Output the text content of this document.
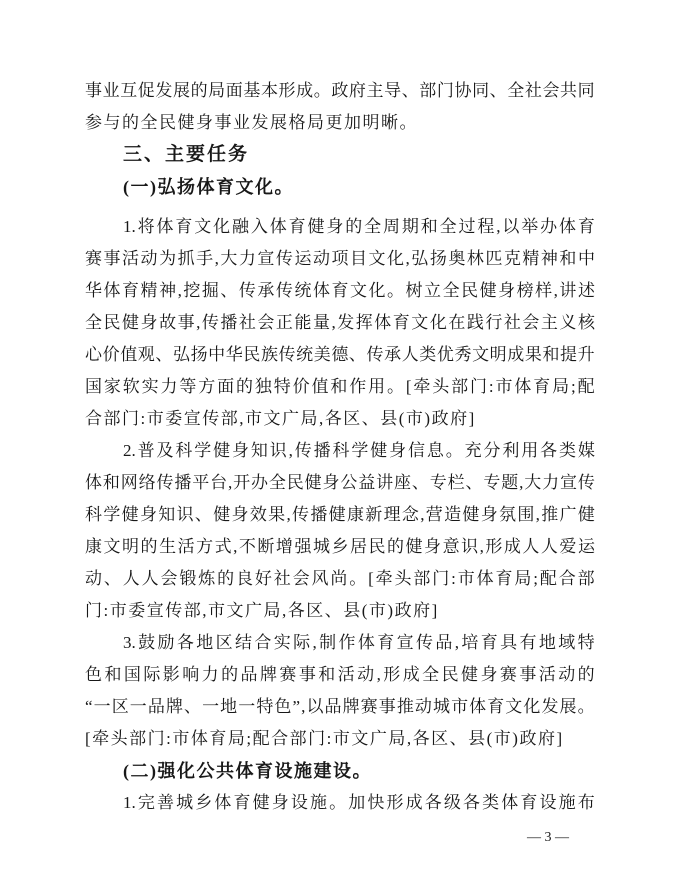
事 业 互 促 发 展 的 局 面 基 本 形 成 。 政 府 主 导 、 部 门 协 同 、 全 社 会 共 同
参 与 的 全 民 健 身 事 业 发 展 格 局 更 加 明 晰 。
三、主要任务
(一)弘扬体育文化。
1. 将 体 育 文 化 融 入 体 育 健 身 的 全 周 期 和 全 过 程 , 以 举 办 体 育
赛 事 活 动 为 抓 手 , 大 力 宣 传 运 动 项 目 文 化 , 弘 扬 奥 林 匹 克 精 神 和 中
华 体 育 精 神 , 挖 掘 、 传 承 传 统 体 育 文 化 。 树 立 全 民 健 身 榜 样 , 讲 述
全 民 健 身 故 事 , 传 播 社 会 正 能 量 , 发 挥 体 育 文 化 在 践 行 社 会 主 义 核
心 价 值 观 、 弘 扬 中 华 民 族 传 统 美 德 、 传 承 人 类 优 秀 文 明 成 果 和 提 升
国 家 软 实 力 等 方 面 的 独 特 价 值 和 作 用 。 [ 牵 头 部 门 : 市 体 育 局 ; 配
合 部 门 : 市 委 宣 传 部 , 市 文 广 局 , 各 区 、 县 ( 市 ) 政 府 ]
2. 普 及 科 学 健 身 知 识 , 传 播 科 学 健 身 信 息 。 充 分 利 用 各 类 媒
体 和 网 络 传 播 平 台 , 开 办 全 民 健 身 公 益 讲 座 、 专 栏 、 专 题 , 大 力 宣 传
科 学 健 身 知 识 、 健 身 效 果 , 传 播 健 康 新 理 念 , 营 造 健 身 氛 围 , 推 广 健
康 文 明 的 生 活 方 式 , 不 断 增 强 城 乡 居 民 的 健 身 意 识 , 形 成 人 人 爱 运
动 、 人 人 会 锻 炼 的 良 好 社 会 风 尚 。 [ 牵 头 部 门 : 市 体 育 局 ; 配 合 部
门 : 市 委 宣 传 部 , 市 文 广 局 , 各 区 、 县 ( 市 ) 政 府 ]
3. 鼓 励 各 地 区 结 合 实 际 , 制 作 体 育 宣 传 品 , 培 育 具 有 地 域 特
色 和 国 际 影 响 力 的 品 牌 赛 事 和 活 动 , 形 成 全 民 健 身 赛 事 活 动 的
“ 一 区 一 品 牌 、 一 地 一 特 色 ” , 以 品 牌 赛 事 推 动 城 市 体 育 文 化 发 展 。
[ 牵 头 部 门 : 市 体 育 局 ; 配 合 部 门 : 市 文 广 局 , 各 区 、 县 ( 市 ) 政 府 ]
(二)强化公共体育设施建设。
1. 完 善 城 乡 体 育 健 身 设 施 。 加 快 形 成 各 级 各 类 体 育 设 施 布
— 3 —
